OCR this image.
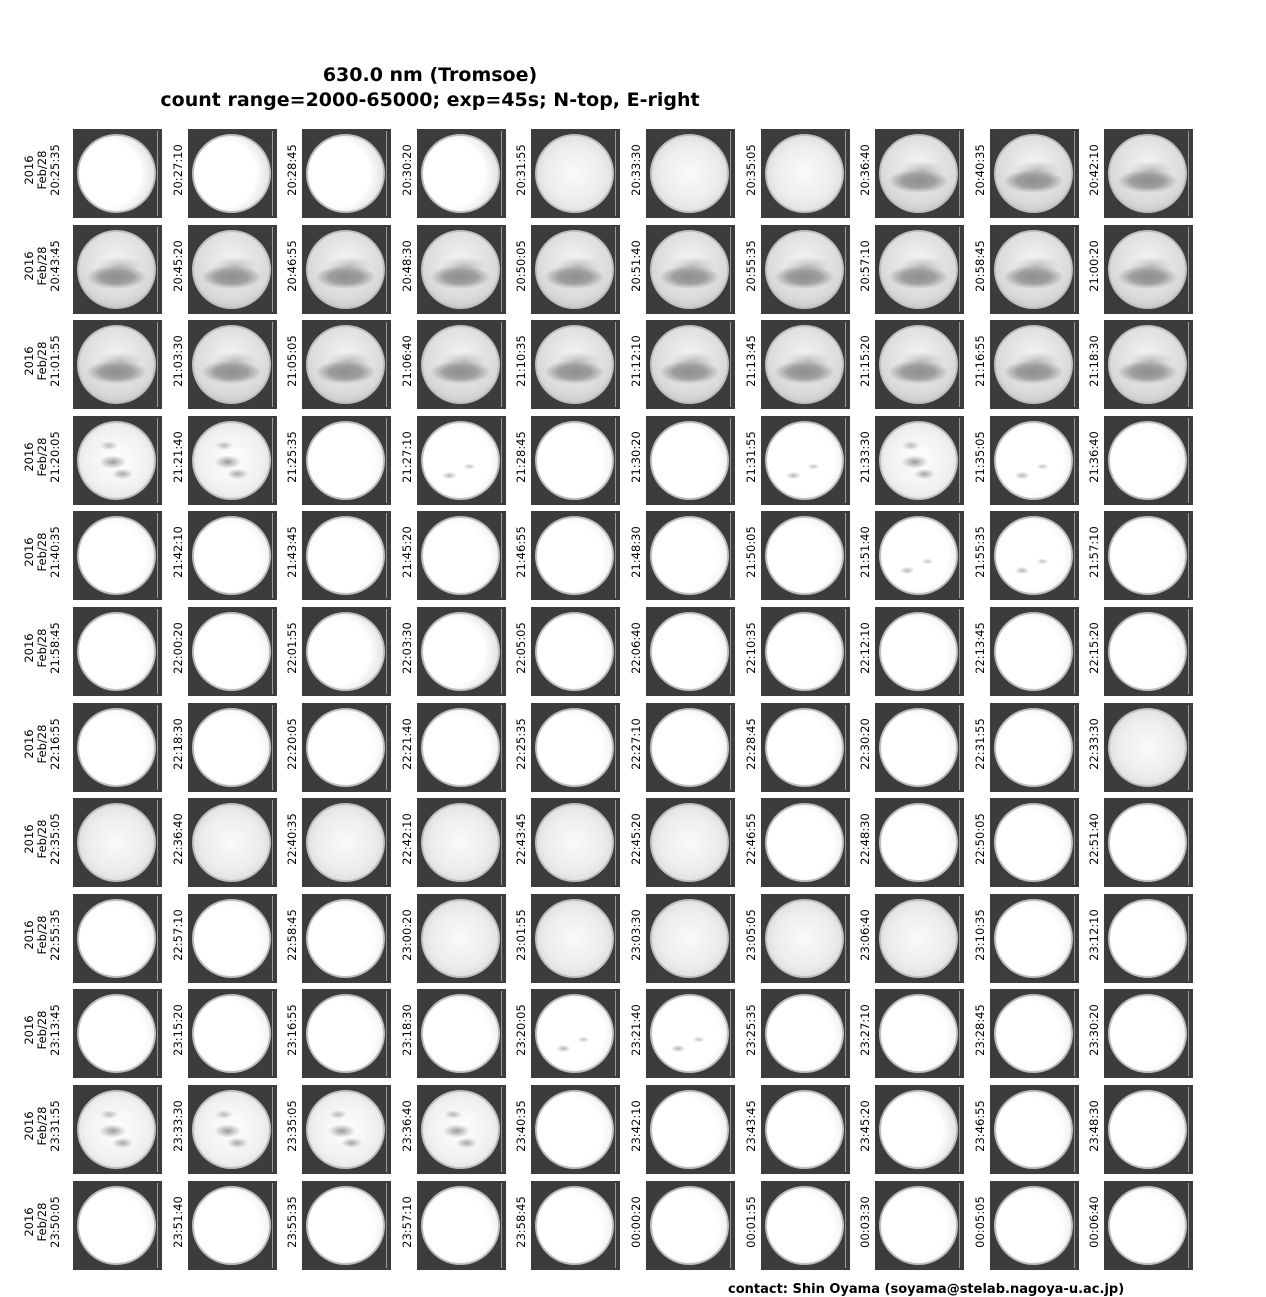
630.0 nm (Tromsoe)
count range=2000-65000; exp=45s; N-top, E-right
2016
Feb/28
20:25:35	20:27:10	20:28:45	20:30:20	20:31:55	20:33:30	20:35:05	20:36:40	20:40:35	20:42:10
2016
Feb/28
20:43:45	20:45:20	20:46:55	20:48:30	20:50:05	20:51:40	20:55:35	20:57:10	20:58:45	21:00:20
2016
Feb/28
21:01:55	21:03:30	21:05:05	21:06:40	21:10:35	21:12:10	21:13:45	21:15:20	21:16:55	21:18:30
2016
Feb/28
21:20:05	21:21:40	21:25:35	21:27:10	21:28:45	21:30:20	21:31:55	21:33:30	21:35:05	21:36:40
2016
Feb/28
21:40:35	21:42:10	21:43:45	21:45:20	21:46:55	21:48:30	21:50:05	21:51:40	21:55:35	21:57:10
2016
Feb/28
21:58:45	22:00:20	22:01:55	22:03:30	22:05:05	22:06:40	22:10:35	22:12:10	22:13:45	22:15:20
2016
Feb/28
22:16:55	22:18:30	22:20:05	22:21:40	22:25:35	22:27:10	22:28:45	22:30:20	22:31:55	22:33:30
2016
Feb/28
22:35:05	22:36:40	22:40:35	22:42:10	22:43:45	22:45:20	22:46:55	22:48:30	22:50:05	22:51:40
2016
Feb/28
22:55:35	22:57:10	22:58:45	23:00:20	23:01:55	23:03:30	23:05:05	23:06:40	23:10:35	23:12:10
2016
Feb/28
23:13:45	23:15:20	23:16:55	23:18:30	23:20:05	23:21:40	23:25:35	23:27:10	23:28:45	23:30:20
2016
Feb/28
23:31:55	23:33:30	23:35:05	23:36:40	23:40:35	23:42:10	23:43:45	23:45:20	23:46:55	23:48:30
2016
Feb/28
23:50:05	23:51:40	23:55:35	23:57:10	23:58:45	00:00:20	00:01:55	00:03:30	00:05:05	00:06:40
contact: Shin Oyama (soyama@stelab.nagoya-u.ac.jp)
